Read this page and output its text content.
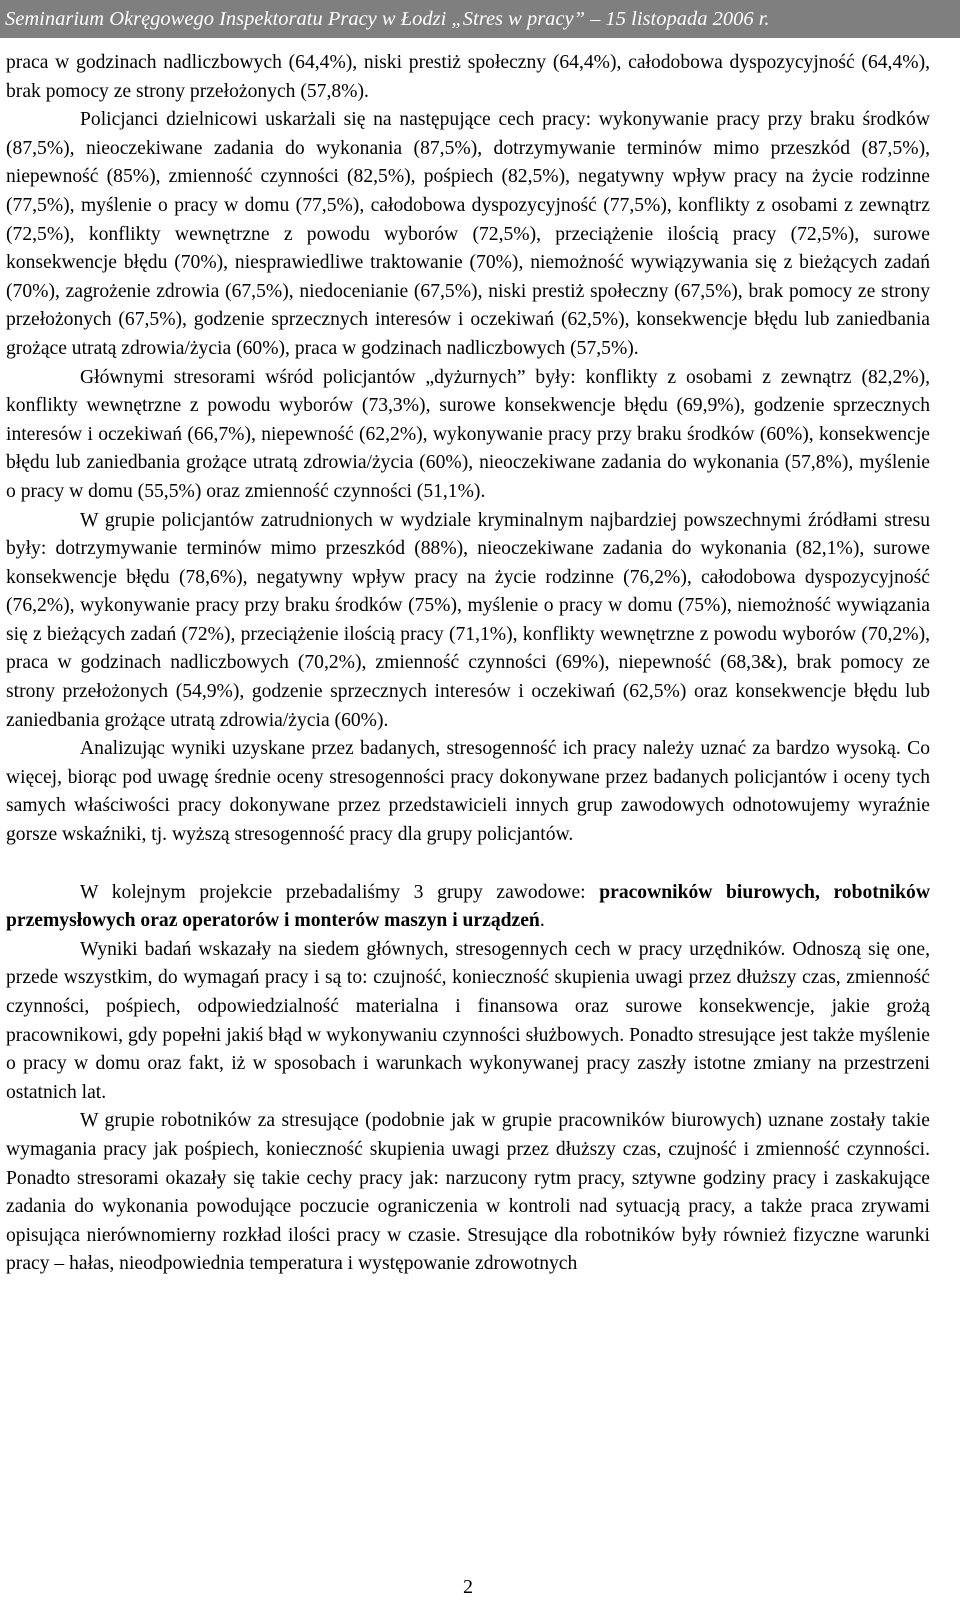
Seminarium Okręgowego Inspektoratu Pracy w Łodzi „Stres w pracy” – 15 listopada 2006 r.

praca w godzinach nadliczbowych (64,4%), niski prestiż społeczny (64,4%), całodobowa dyspozycyjność (64,4%), brak pomocy ze strony przełożonych (57,8%).

Policjanci dzielnicowi uskarżali się na następujące cech pracy: wykonywanie pracy przy braku środków (87,5%), nieoczekiwane zadania do wykonania (87,5%), dotrzymywanie terminów mimo przeszkód (87,5%), niepewność (85%), zmienność czynności (82,5%), pośpiech (82,5%), negatywny wpływ pracy na życie rodzinne (77,5%), myślenie o pracy w domu (77,5%), całodobowa dyspozycyjność (77,5%), konflikty z osobami z zewnątrz (72,5%), konflikty wewnętrzne z powodu wyborów (72,5%), przeciążenie ilością pracy (72,5%), surowe konsekwencje błędu (70%), niesprawiedliwe traktowanie (70%), niemożność wywiązywania się z bieżących zadań (70%), zagrożenie zdrowia (67,5%), niedocenianie (67,5%), niski prestiż społeczny (67,5%), brak pomocy ze strony przełożonych (67,5%), godzenie sprzecznych interesów i oczekiwań (62,5%), konsekwencje błędu lub zaniedbania grożące utratą zdrowia/życia (60%), praca w godzinach nadliczbowych (57,5%).

Głównymi stresorami wśród policjantów „dyżurnych” były: konflikty z osobami z zewnątrz (82,2%), konflikty wewnętrzne z powodu wyborów (73,3%), surowe konsekwencje błędu (69,9%), godzenie sprzecznych interesów i oczekiwań (66,7%), niepewność (62,2%), wykonywanie pracy przy braku środków (60%), konsekwencje błędu lub zaniedbania grożące utratą zdrowia/życia (60%), nieoczekiwane zadania do wykonania (57,8%), myślenie o pracy w domu (55,5%) oraz zmienność czynności (51,1%).

W grupie policjantów zatrudnionych w wydziale kryminalnym najbardziej powszechnymi źródłami stresu były: dotrzymywanie terminów mimo przeszkód (88%), nieoczekiwane zadania do wykonania (82,1%), surowe konsekwencje błędu (78,6%), negatywny wpływ pracy na życie rodzinne (76,2%), całodobowa dyspozycyjność (76,2%), wykonywanie pracy przy braku środków (75%), myślenie o pracy w domu (75%), niemożność wywiązania się z bieżących zadań (72%), przeciążenie ilością pracy (71,1%), konflikty wewnętrzne z powodu wyborów (70,2%), praca w godzinach nadliczbowych (70,2%), zmienność czynności (69%), niepewność (68,3&), brak pomocy ze strony przełożonych (54,9%), godzenie sprzecznych interesów i oczekiwań (62,5%) oraz konsekwencje błędu lub zaniedbania grożące utratą zdrowia/życia (60%).

Analizując wyniki uzyskane przez badanych, stresogenność ich pracy należy uznać za bardzo wysoką. Co więcej, biorąc pod uwagę średnie oceny stresogenności pracy dokonywane przez badanych policjantów i oceny tych samych właściwości pracy dokonywane przez przedstawicieli innych grup zawodowych odnotowujemy wyraźnie gorsze wskaźniki, tj. wyższą stresogenność pracy dla grupy policjantów.

W kolejnym projekcie przebadaliśmy 3 grupy zawodowe: pracowników biurowych, robotników przemysłowych oraz operatorów i monterów maszyn i urządzeń.

Wyniki badań wskazały na siedem głównych, stresogennych cech w pracy urzędników. Odnoszą się one, przede wszystkim, do wymagań pracy i są to: czujność, konieczność skupienia uwagi przez dłuższy czas, zmienność czynności, pośpiech, odpowiedzialność materialna i finansowa oraz surowe konsekwencje, jakie grożą pracownikowi, gdy popełni jakiś błąd w wykonywaniu czynności służbowych. Ponadto stresujące jest także myślenie o pracy w domu oraz fakt, iż w sposobach i warunkach wykonywanej pracy zaszły istotne zmiany na przestrzeni ostatnich lat.

W grupie robotników za stresujące (podobnie jak w grupie pracowników biurowych) uznane zostały takie wymagania pracy jak pośpiech, konieczność skupienia uwagi przez dłuższy czas, czujność i zmienność czynności. Ponadto stresorami okazały się takie cechy pracy jak: narzucony rytm pracy, sztywne godziny pracy i zaskakujące zadania do wykonania powodujące poczucie ograniczenia w kontroli nad sytuacją pracy, a także praca zrywami opisująca nierównomierny rozkład ilości pracy w czasie. Stresujące dla robotników były również fizyczne warunki pracy – hałas, nieodpowiednia temperatura i występowanie zdrowotnych

2
